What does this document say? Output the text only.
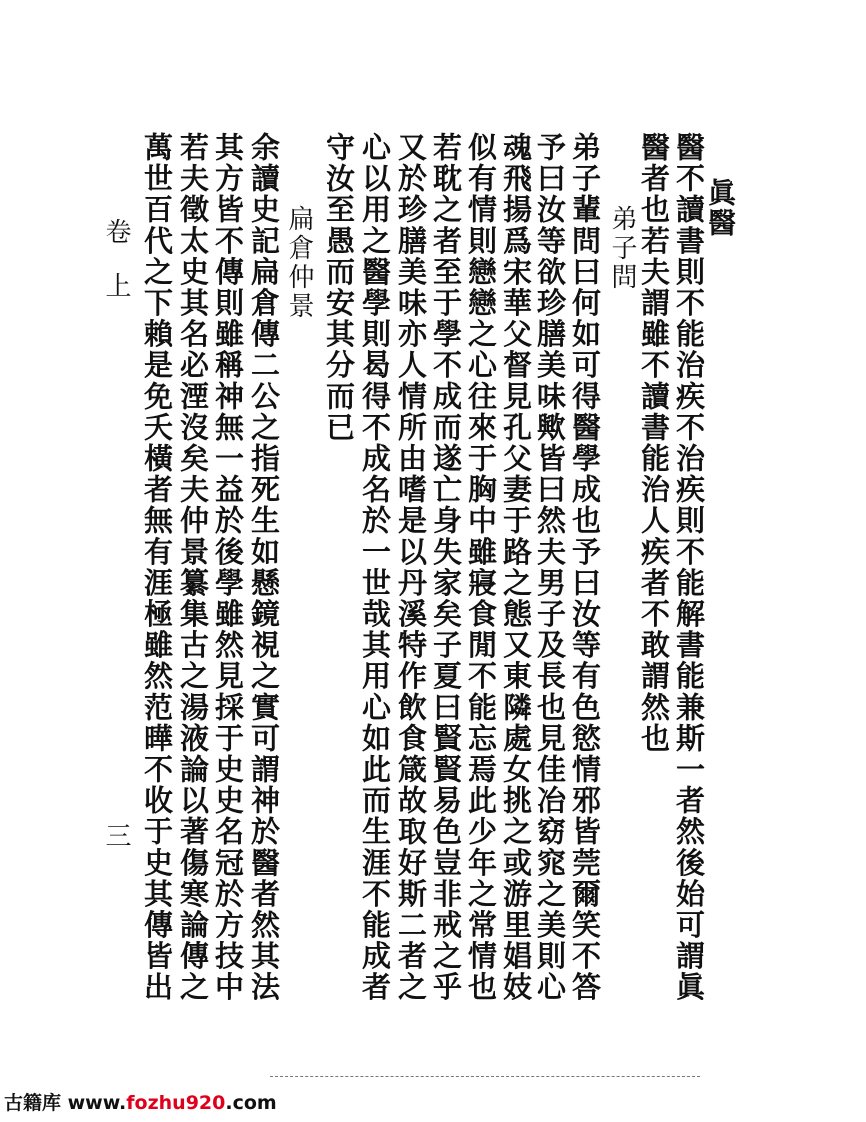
眞醫
醫不讀書則不能治疾不治疾則不能解書能兼斯一者然後始可謂眞
醫者也若夫謂雖不讀書能治人疾者不敢謂然也
弟子問
弟子輩問曰何如可得醫學成也予曰汝等有色慾情邪皆莞爾笑不答
予曰汝等欲珍膳美味歟皆曰然夫男子及長也見佳冶窈窕之美則心
魂飛揚爲宋華父督見孔父妻于路之態又東隣處女挑之或游里娼妓
似有情則戀戀之心往來于胸中雖寢食閒不能忘焉此少年之常情也
若耽之者至于學不成而遂亡身失家矣子夏曰賢賢易色豈非戒之乎
又於珍膳美味亦人情所由嗜是以丹溪特作飲食箴故取好斯二者之
心以用之醫學則曷得不成名於一世哉其用心如此而生涯不能成者
守汝至愚而安其分而已
扁倉仲景
余讀史記扁倉傳二公之指死生如懸鏡視之實可謂神於醫者然其法
其方皆不傳則雖稱神無一益於後學雖然見採于史史名冠於方技中
若夫徵太史其名必湮沒矣夫仲景纂集古之湯液論以著傷寒論傳之
萬世百代之下賴是免夭橫者無有涯極雖然范曄不收于史其傳皆出
卷上
三
古籍库 www.fozhu920.com
